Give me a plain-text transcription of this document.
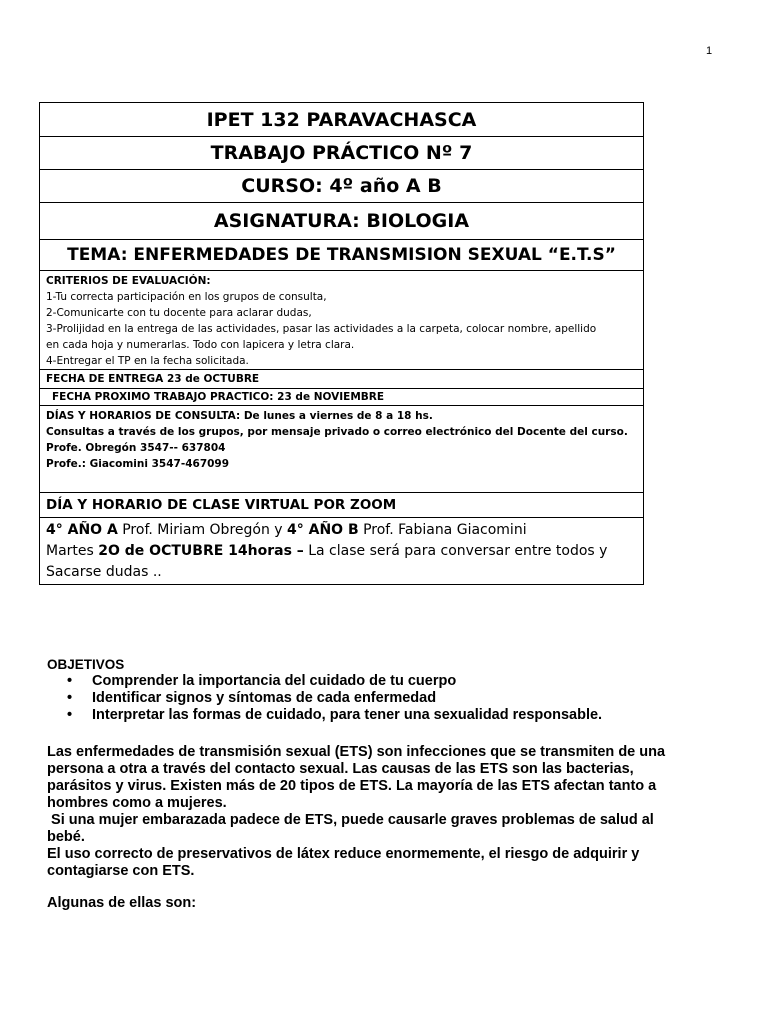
1
IPET 132 PARAVACHASCA
TRABAJO PRÁCTICO Nº 7
CURSO: 4º año A B
ASIGNATURA: BIOLOGIA
TEMA: ENFERMEDADES DE TRANSMISION SEXUAL “E.T.S”

CRITERIOS DE EVALUACIÓN:
1-Tu correcta participación en los grupos de consulta,
2-Comunicarte con tu docente para aclarar dudas,
3-Prolijidad en la entrega de las actividades, pasar las actividades a la carpeta, colocar nombre, apellido
en cada hoja y numerarlas. Todo con lapicera y letra clara.
4-Entregar el TP en la fecha solicitada.

FECHA DE ENTREGA 23 de OCTUBRE
FECHA PROXIMO TRABAJO PRACTICO: 23 de NOVIEMBRE

DÍAS Y HORARIOS DE CONSULTA: De lunes a viernes de 8 a 18 hs.
Consultas a través de los grupos, por mensaje privado o correo electrónico del Docente del curso.
Profe. Obregón 3547-- 637804
Profe.: Giacomini 3547-467099

DÍA Y HORARIO DE CLASE VIRTUAL POR ZOOM

4° AÑO A Prof. Miriam Obregón y 4° AÑO B Prof. Fabiana Giacomini
Martes 2O de OCTUBRE 14horas – La clase será para conversar entre todos y
Sacarse dudas ..
OBJETIVOS
• Comprender la importancia del cuidado de tu cuerpo
• Identificar signos y síntomas de cada enfermedad
• Interpretar las formas de cuidado, para tener una sexualidad responsable.

Las enfermedades de transmisión sexual (ETS) son infecciones que se transmiten de una

persona a otra a través del contacto sexual. Las causas de las ETS son las bacterias,

parásitos y virus. Existen más de 20 tipos de ETS. La mayoría de las ETS afectan tanto a

hombres como a mujeres.

Si una mujer embarazada padece de ETS, puede causarle graves problemas de salud al

bebé.

El uso correcto de preservativos de látex reduce enormemente, el riesgo de adquirir y

contagiarse con ETS.

Algunas de ellas son:
